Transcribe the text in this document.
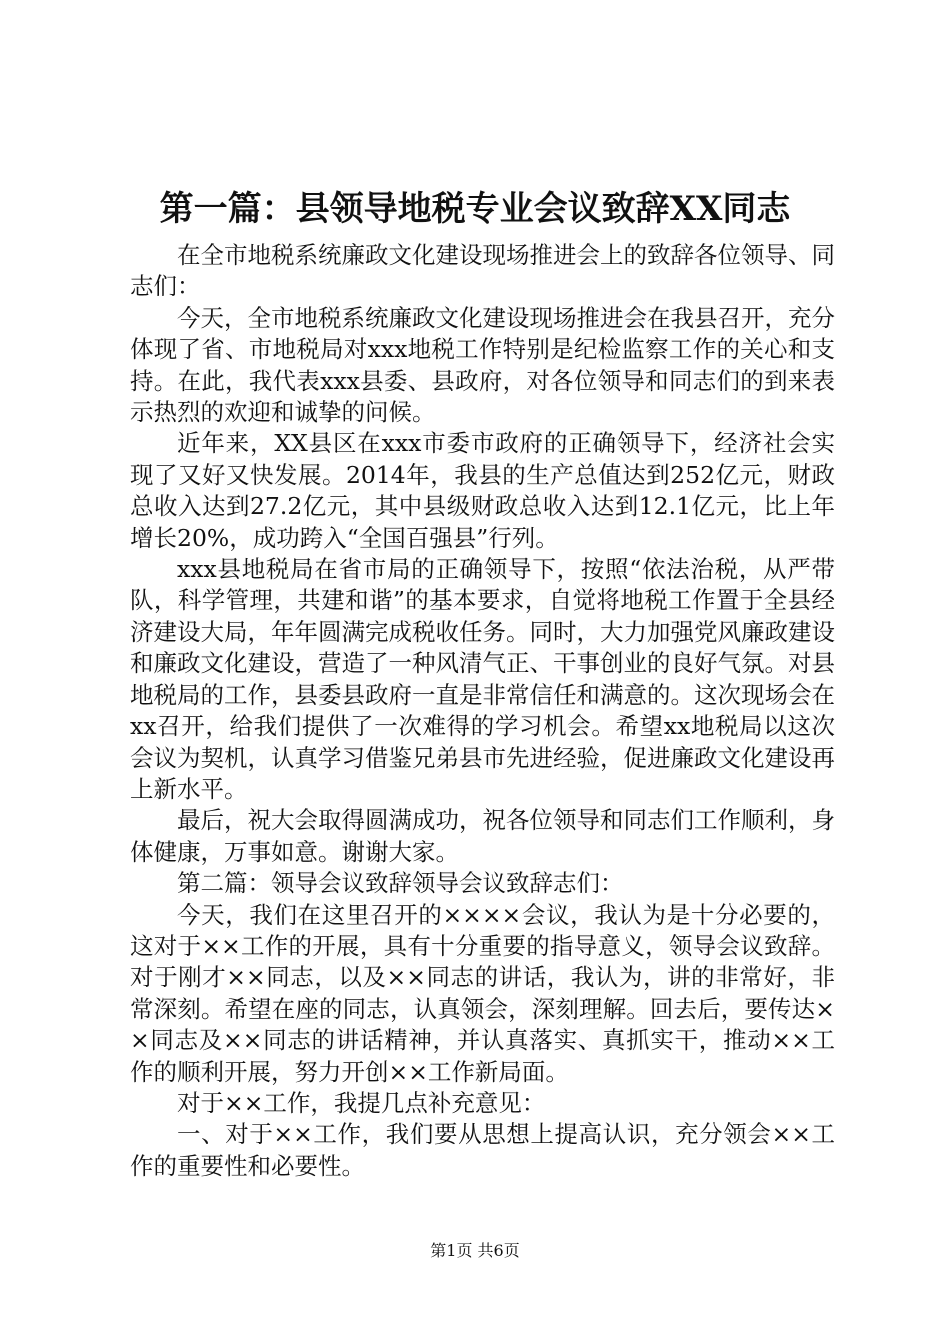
第一篇：县领导地税专业会议致辞XX同志

在全市地税系统廉政文化建设现场推进会上的致辞各位领导、同志们：

今天，全市地税系统廉政文化建设现场推进会在我县召开，充分体现了省、市地税局对xxx地税工作特别是纪检监察工作的关心和支持。在此，我代表xxx县委、县政府，对各位领导和同志们的到来表示热烈的欢迎和诚挚的问候。

近年来，XX县区在xxx市委市政府的正确领导下，经济社会实现了又好又快发展。2014年，我县的生产总值达到252亿元，财政总收入达到27.2亿元，其中县级财政总收入达到12.1亿元，比上年增长20%，成功跨入“全国百强县”行列。

xxx县地税局在省市局的正确领导下，按照“依法治税，从严带队，科学管理，共建和谐”的基本要求，自觉将地税工作置于全县经济建设大局，年年圆满完成税收任务。同时，大力加强党风廉政建设和廉政文化建设，营造了一种风清气正、干事创业的良好气氛。对县地税局的工作，县委县政府一直是非常信任和满意的。这次现场会在xx召开，给我们提供了一次难得的学习机会。希望xx地税局以这次会议为契机，认真学习借鉴兄弟县市先进经验，促进廉政文化建设再上新水平。

最后，祝大会取得圆满成功，祝各位领导和同志们工作顺利，身体健康，万事如意。谢谢大家。

第二篇：领导会议致辞领导会议致辞志们：

今天，我们在这里召开的××××会议，我认为是十分必要的，这对于××工作的开展，具有十分重要的指导意义，领导会议致辞。对于刚才××同志，以及××同志的讲话，我认为，讲的非常好，非常深刻。希望在座的同志，认真领会，深刻理解。回去后，要传达××同志及××同志的讲话精神，并认真落实、真抓实干，推动××工作的顺利开展，努力开创××工作新局面。

对于××工作，我提几点补充意见：

一、对于××工作，我们要从思想上提高认识，充分领会××工作的重要性和必要性。

第1页 共6页
